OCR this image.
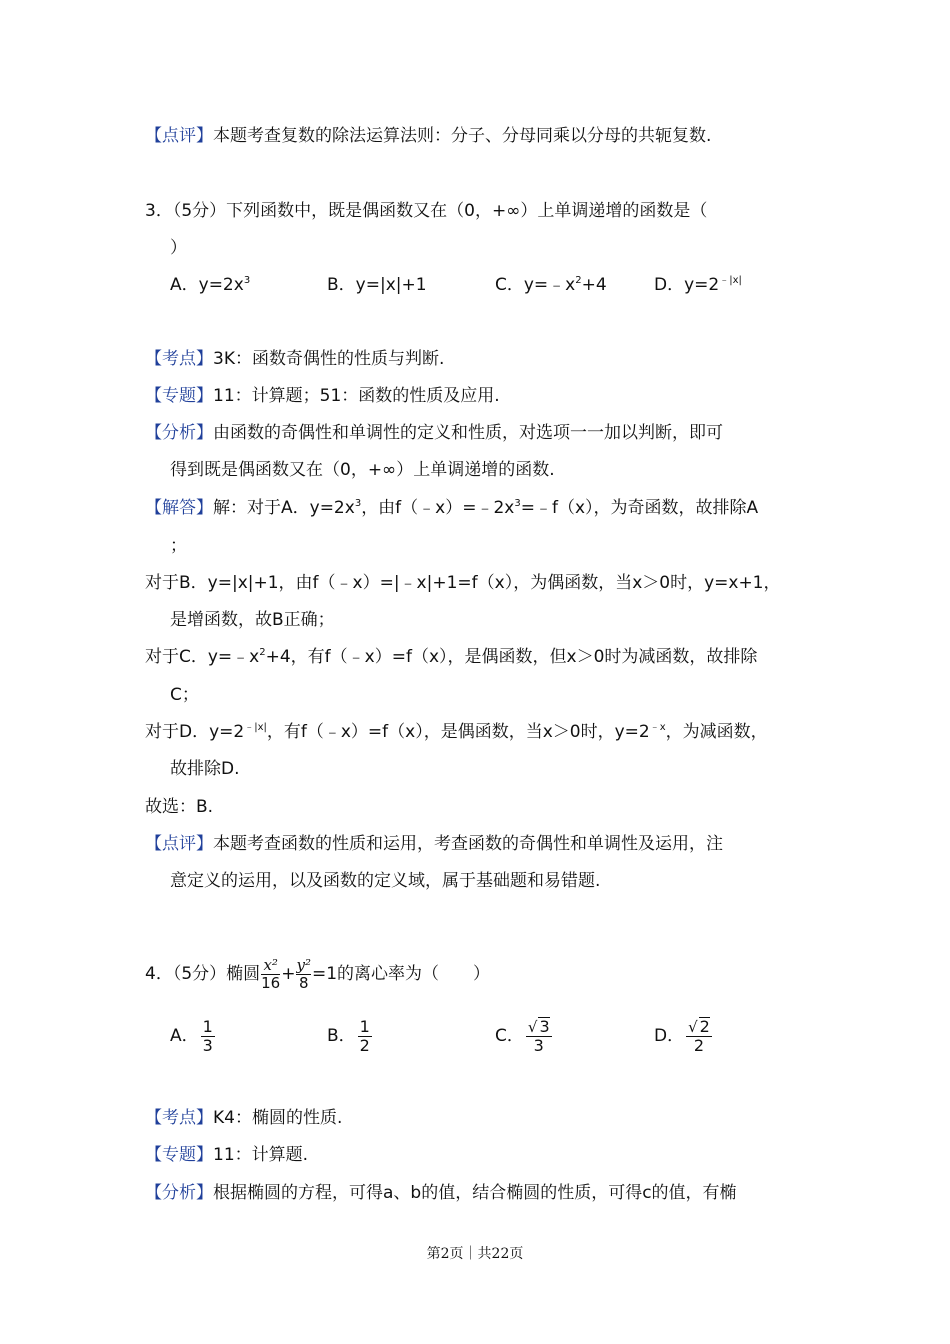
【点评】本题考查复数的除法运算法则：分子、分母同乘以分母的共轭复数.
3．（5分）下列函数中，既是偶函数又在（0，+∞）上单调递增的函数是（
）
A．$y=2x^3$	B．y=|x|+1	C．$y=﹣x^2+4$	D．$y=2^{﹣|x|}$
【考点】3K：函数奇偶性的性质与判断.
【专题】11：计算题；51：函数的性质及应用.
【分析】由函数的奇偶性和单调性的定义和性质，对选项一一加以判断，即可
得到既是偶函数又在（0，+∞）上单调递增的函数.
【解答】解：对于A．$y=2x^3$，由$f(﹣x)=﹣2x^3=﹣f(x)$，为奇函数，故排除A
；
对于B．y=|x|+1，由f（﹣x）=|﹣x|+1=f（x），为偶函数，当x＞0时，y=x+1，
是增函数，故B正确；
对于C．$y=﹣x^2+4$，有f（﹣x）=f（x），是偶函数，但x＞0时为减函数，故排除
C；
对于D．$y=2^{﹣|x|}$，有f（﹣x）=f（x），是偶函数，当x＞0时，$y=2^{﹣x}$，为减函数，
故排除D.
故选：B.
【点评】本题考查函数的性质和运用，考查函数的奇偶性和单调性及运用，注
意定义的运用，以及函数的定义域，属于基础题和易错题.
4．（5分）椭圆 $\frac{\text{x²}}{16} + \frac{\text{y²}}{8} =1$的离心率为（　　）
A． $\frac{1}{3}$	B． $\frac{1}{2}$	C． $\frac{√ 3}{3}$	D． $\frac{√ 2}{2}$
【考点】K4：椭圆的性质.
【专题】11：计算题.
【分析】根据椭圆的方程，可得a、b的值，结合椭圆的性质，可得c的值，有椭
第2页｜共22页
